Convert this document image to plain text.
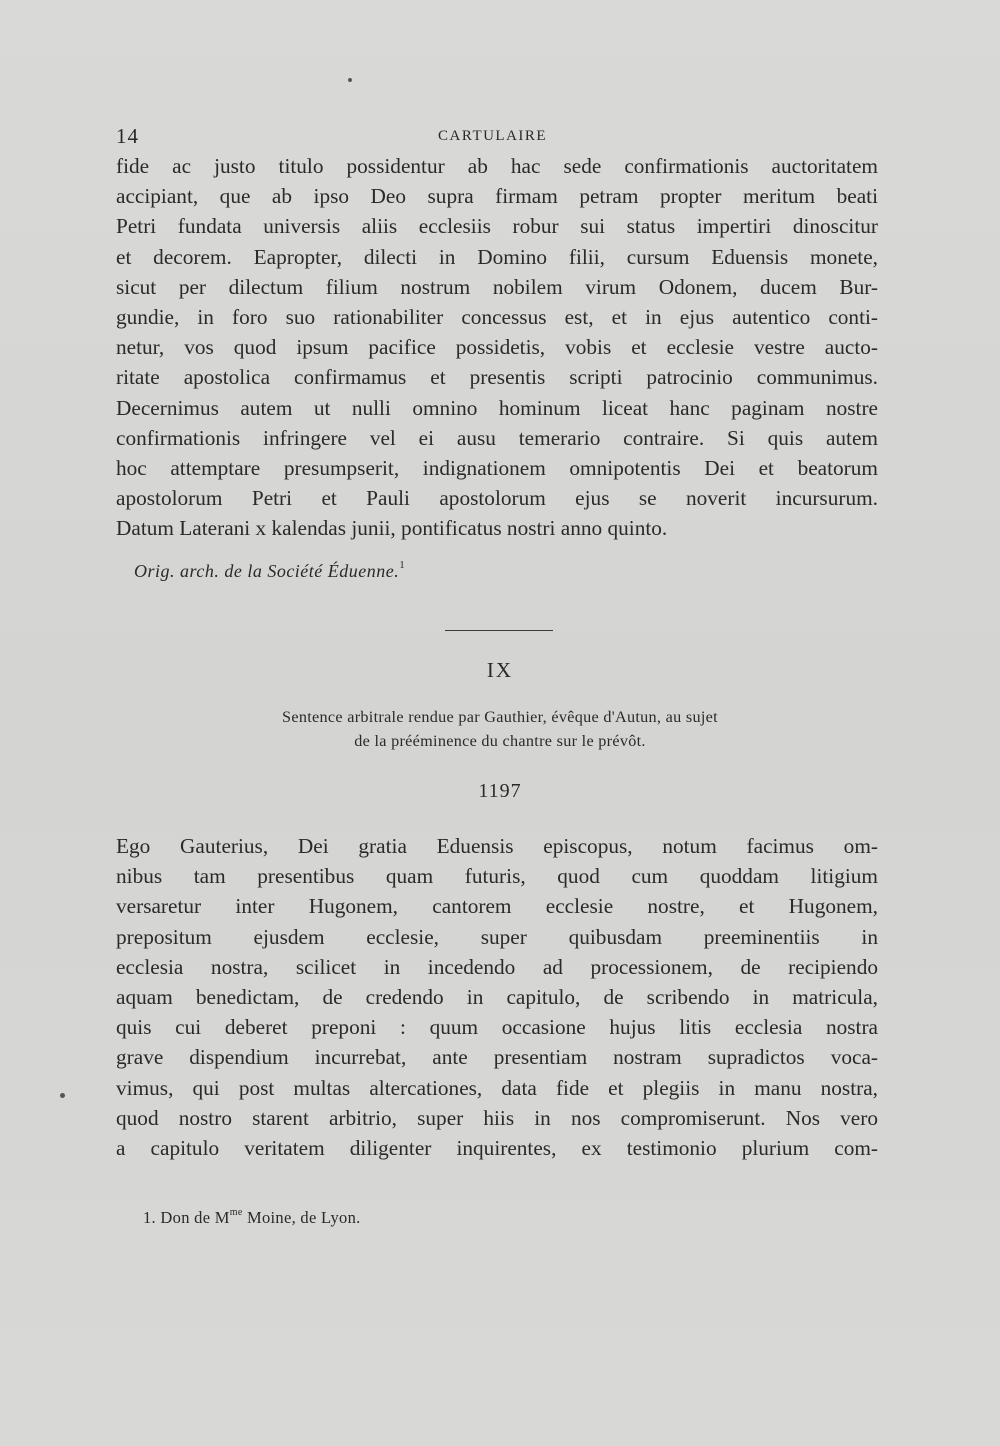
14	CARTULAIRE
fide ac justo titulo possidentur ab hac sede confirmationis auctoritatem
accipiant, que ab ipso Deo supra firmam petram propter meritum beati
Petri fundata universis aliis ecclesiis robur sui status impertiri dinoscitur
et decorem. Eapropter, dilecti in Domino filii, cursum Eduensis monete,
sicut per dilectum filium nostrum nobilem virum Odonem, ducem Bur-
gundie, in foro suo rationabiliter concessus est, et in ejus autentico conti-
netur, vos quod ipsum pacifice possidetis, vobis et ecclesie vestre aucto-
ritate apostolica confirmamus et presentis scripti patrocinio communimus.
Decernimus autem ut nulli omnino hominum liceat hanc paginam nostre
confirmationis infringere vel ei ausu temerario contraire. Si quis autem
hoc attemptare presumpserit, indignationem omnipotentis Dei et beatorum
apostolorum Petri et Pauli apostolorum ejus se noverit incursurum.
Datum Laterani x kalendas junii, pontificatus nostri anno quinto.
Orig. arch. de la Société Éduenne.$^1$
IX
Sentence arbitrale rendue par Gauthier, évêque d'Autun, au sujet
de la prééminence du chantre sur le prévôt.
1197
Ego Gauterius, Dei gratia Eduensis episcopus, notum facimus om-
nibus tam presentibus quam futuris, quod cum quoddam litigium
versaretur inter Hugonem, cantorem ecclesie nostre, et Hugonem,
prepositum ejusdem ecclesie, super quibusdam preeminentiis in
ecclesia nostra, scilicet in incedendo ad processionem, de recipiendo
aquam benedictam, de credendo in capitulo, de scribendo in matricula,
quis cui deberet preponi : quum occasione hujus litis ecclesia nostra
grave dispendium incurrebat, ante presentiam nostram supradictos voca-
vimus, qui post multas altercationes, data fide et plegiis in manu nostra,
quod nostro starent arbitrio, super hiis in nos compromiserunt. Nos vero
a capitulo veritatem diligenter inquirentes, ex testimonio plurium com-
1. Don de $M^{me}$ Moine, de Lyon.
